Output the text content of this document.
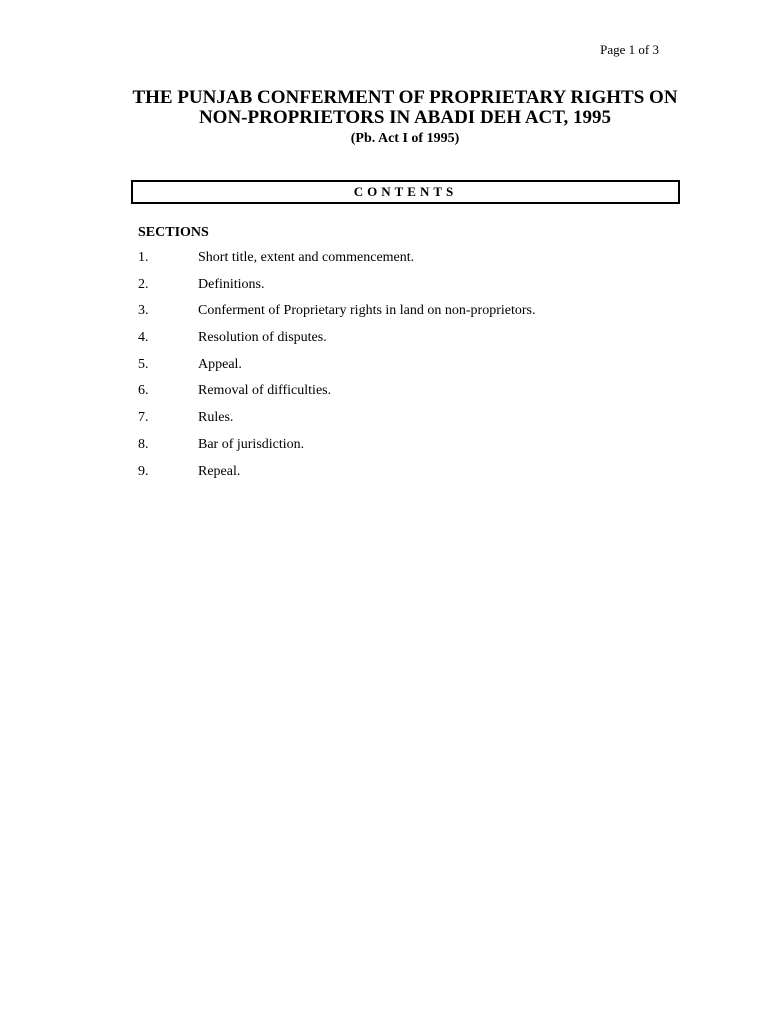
Page 1 of 3
THE PUNJAB CONFERMENT OF PROPRIETARY RIGHTS ON
NON-PROPRIETORS IN ABADI DEH ACT, 1995
(Pb. Act I of 1995)
CONTENTS
SECTIONS
1.	Short title, extent and commencement.
2.	Definitions.
3.	Conferment of Proprietary rights in land on non-proprietors.
4.	Resolution of disputes.
5.	Appeal.
6.	Removal of difficulties.
7.	Rules.
8.	Bar of jurisdiction.
9.	Repeal.
